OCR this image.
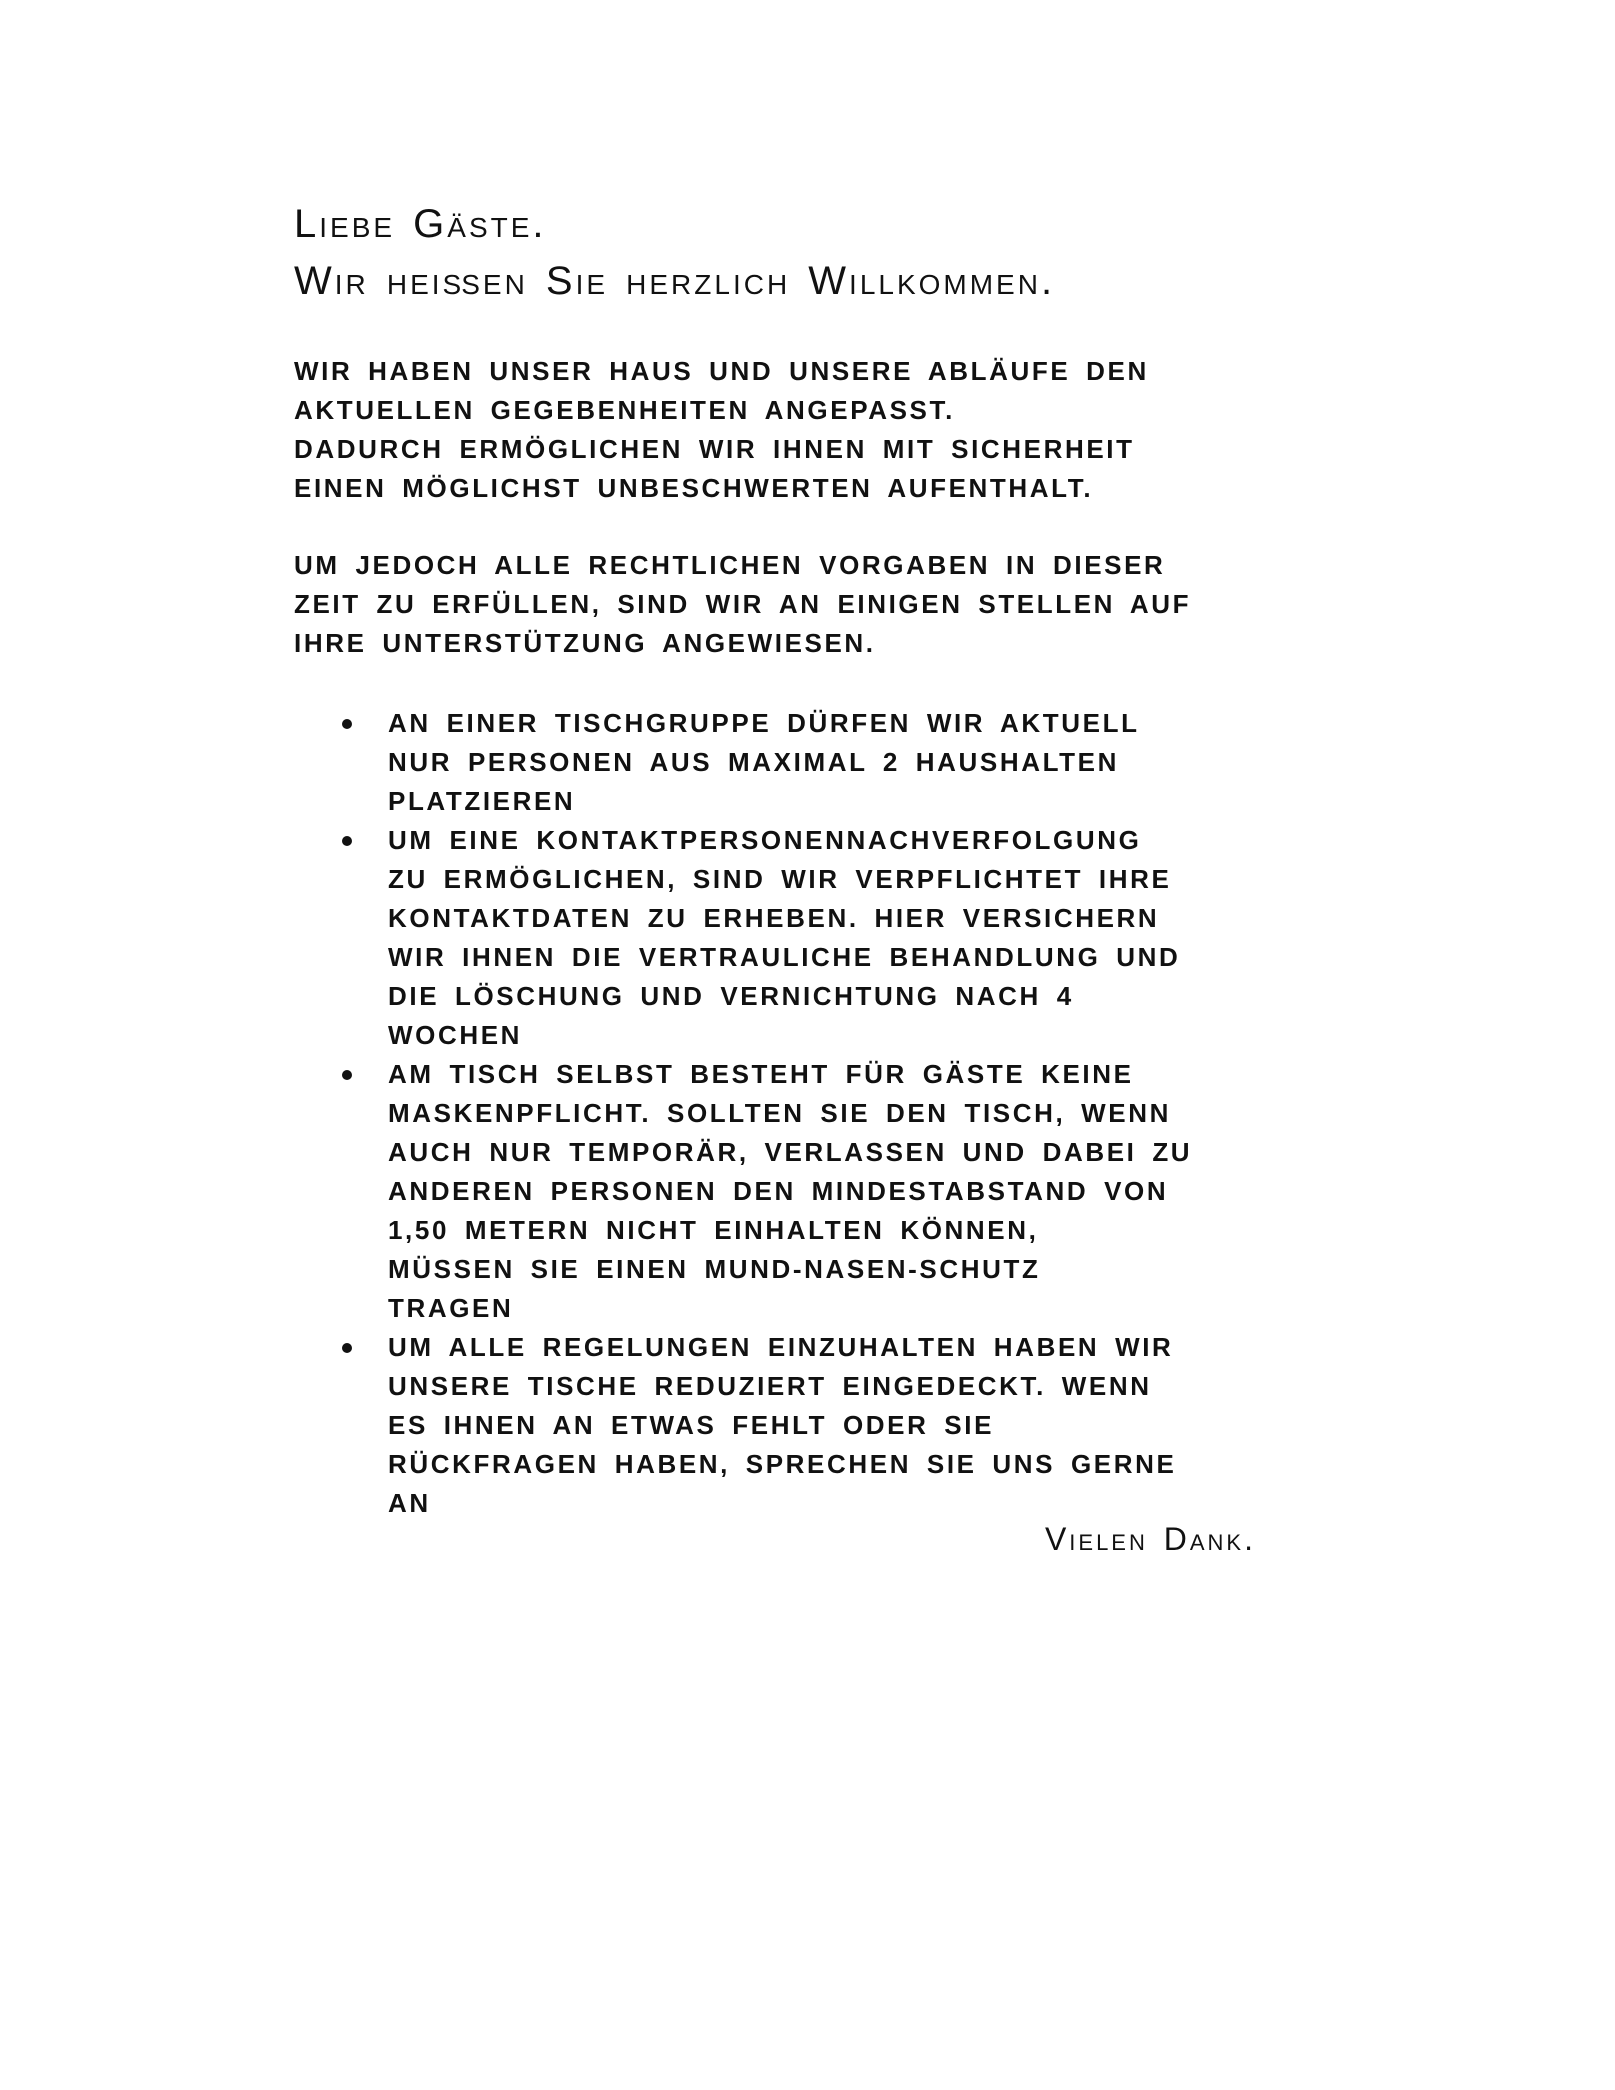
Liebe Gäste.
Wir heißen Sie herzlich Willkommen.
WIR HABEN UNSER HAUS UND UNSERE ABLÄUFE DEN
AKTUELLEN GEGEBENHEITEN ANGEPASST.
DADURCH ERMÖGLICHEN WIR IHNEN MIT SICHERHEIT
EINEN MÖGLICHST UNBESCHWERTEN AUFENTHALT.
UM JEDOCH ALLE RECHTLICHEN VORGABEN IN DIESER
ZEIT ZU ERFÜLLEN, SIND WIR AN EINIGEN STELLEN AUF
IHRE UNTERSTÜTZUNG ANGEWIESEN.
AN EINER TISCHGRUPPE DÜRFEN WIR AKTUELL
NUR PERSONEN AUS MAXIMAL 2 HAUSHALTEN
PLATZIEREN
UM EINE KONTAKTPERSONENNACHVERFOLGUNG
ZU ERMÖGLICHEN, SIND WIR VERPFLICHTET IHRE
KONTAKTDATEN ZU ERHEBEN. HIER VERSICHERN
WIR IHNEN DIE VERTRAULICHE BEHANDLUNG UND
DIE LÖSCHUNG UND VERNICHTUNG NACH 4
WOCHEN
AM TISCH SELBST BESTEHT FÜR GÄSTE KEINE
MASKENPFLICHT. SOLLTEN SIE DEN TISCH, WENN
AUCH NUR TEMPORÄR, VERLASSEN UND DABEI ZU
ANDEREN PERSONEN DEN MINDESTABSTAND VON
1,50 METERN NICHT EINHALTEN KÖNNEN,
MÜSSEN SIE EINEN MUND-NASEN-SCHUTZ
TRAGEN
UM ALLE REGELUNGEN EINZUHALTEN HABEN WIR
UNSERE TISCHE REDUZIERT EINGEDECKT. WENN
ES IHNEN AN ETWAS FEHLT ODER SIE
RÜCKFRAGEN HABEN, SPRECHEN SIE UNS GERNE
AN
Vielen Dank.
